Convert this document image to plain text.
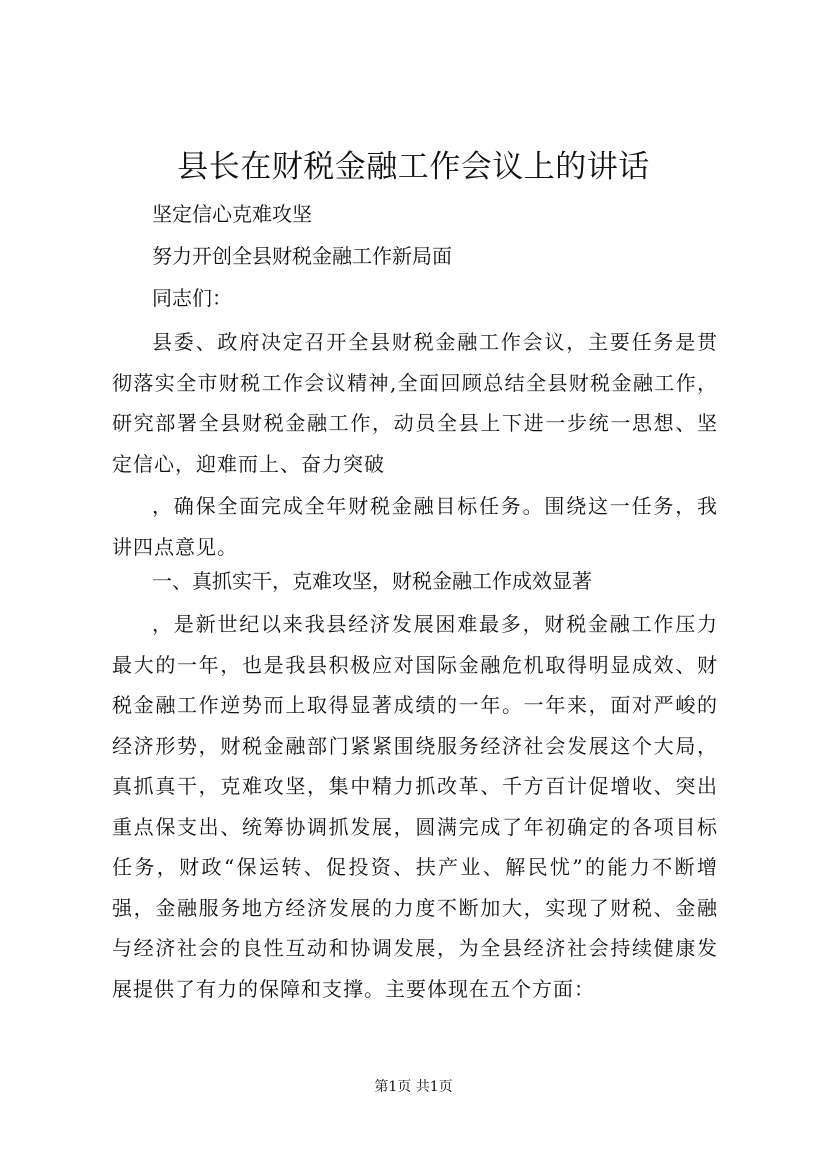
县长在财税金融工作会议上的讲话

坚定信心克难攻坚

努力开创全县财税金融工作新局面

同志们：

县委、政府决定召开全县财税金融工作会议，主要任务是贯彻落实全市财税工作会议精神,全面回顾总结全县财税金融工作，研究部署全县财税金融工作，动员全县上下进一步统一思想、坚定信心，迎难而上、奋力突破

，确保全面完成全年财税金融目标任务。围绕这一任务，我讲四点意见。

一、真抓实干，克难攻坚，财税金融工作成效显著

，是新世纪以来我县经济发展困难最多，财税金融工作压力最大的一年，也是我县积极应对国际金融危机取得明显成效、财税金融工作逆势而上取得显著成绩的一年。一年来，面对严峻的经济形势，财税金融部门紧紧围绕服务经济社会发展这个大局，真抓真干，克难攻坚，集中精力抓改革、千方百计促增收、突出重点保支出、统筹协调抓发展，圆满完成了年初确定的各项目标任务，财政“保运转、促投资、扶产业、解民忧”的能力不断增强，金融服务地方经济发展的力度不断加大，实现了财税、金融与经济社会的良性互动和协调发展，为全县经济社会持续健康发展提供了有力的保障和支撑。主要体现在五个方面：

第1页 共1页
